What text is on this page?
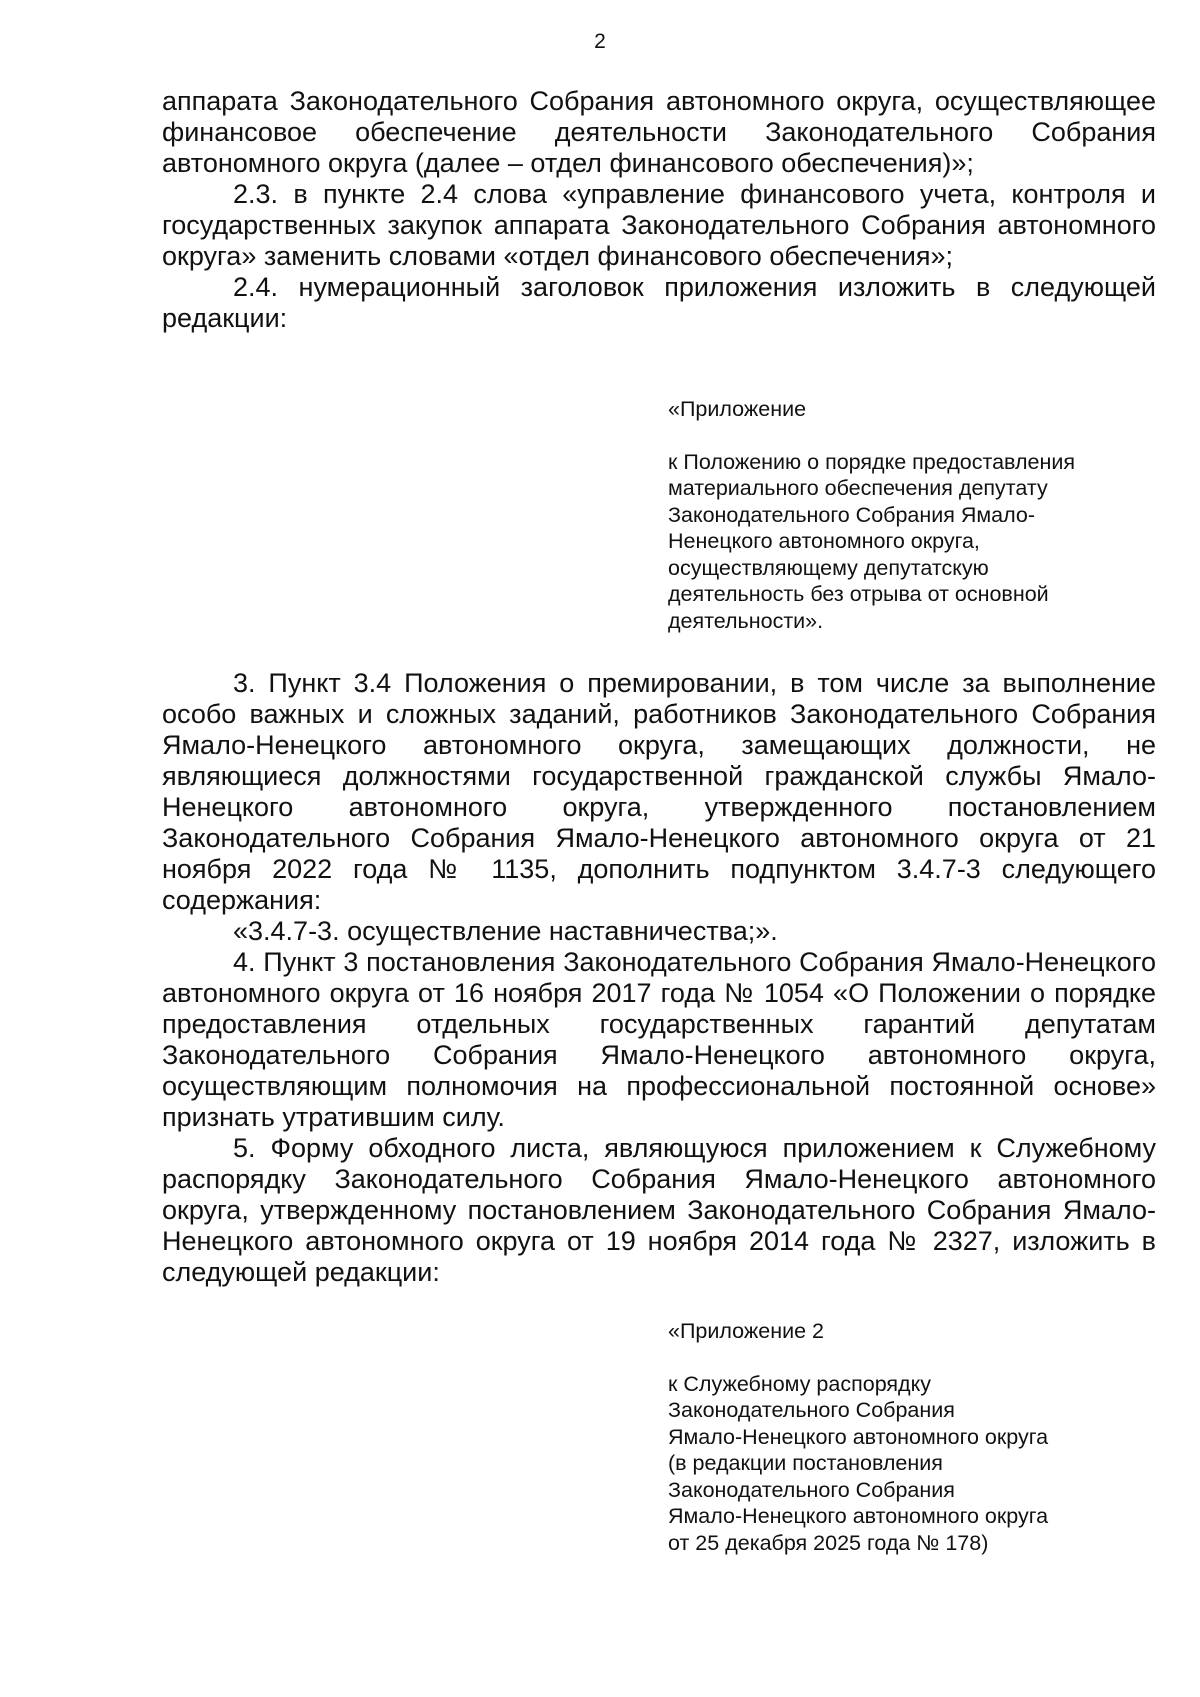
2

аппарата Законодательного Собрания автономного округа, осуществляющее финансовое обеспечение деятельности Законодательного Собрания автономного округа (далее – отдел финансового обеспечения)»;

2.3. в пункте 2.4 слова «управление финансового учета, контроля и государственных закупок аппарата Законодательного Собрания автономного округа» заменить словами «отдел финансового обеспечения»;

2.4. нумерационный заголовок приложения изложить в следующей редакции:

«Приложение

к Положению о порядке предоставления

материального обеспечения депутату

Законодательного Собрания Ямало-

Ненецкого автономного округа,

осуществляющему депутатскую

деятельность без отрыва от основной

деятельности».

3. Пункт 3.4 Положения о премировании, в том числе за выполнение особо важных и сложных заданий, работников Законодательного Собрания Ямало-Ненецкого автономного округа, замещающих должности, не являющиеся должностями государственной гражданской службы Ямало-Ненецкого автономного округа, утвержденного постановлением Законодательного Собрания Ямало-Ненецкого автономного округа от 21 ноября 2022 года № 1135, дополнить подпунктом 3.4.7-3 следующего содержания:

«3.4.7-3. осуществление наставничества;».

4. Пункт 3 постановления Законодательного Собрания Ямало-Ненецкого автономного округа от 16 ноября 2017 года № 1054 «О Положении о порядке предоставления отдельных государственных гарантий депутатам Законодательного Собрания Ямало-Ненецкого автономного округа, осуществляющим полномочия на профессиональной постоянной основе» признать утратившим силу.

5. Форму обходного листа, являющуюся приложением к Служебному распорядку Законодательного Собрания Ямало-Ненецкого автономного округа, утвержденному постановлением Законодательного Собрания Ямало-Ненецкого автономного округа от 19 ноября 2014 года № 2327, изложить в следующей редакции:

«Приложение 2

к Служебному распорядку

Законодательного Собрания

Ямало-Ненецкого автономного округа

(в редакции постановления

Законодательного Собрания

Ямало-Ненецкого автономного округа

от 25 декабря 2025 года № 178)
